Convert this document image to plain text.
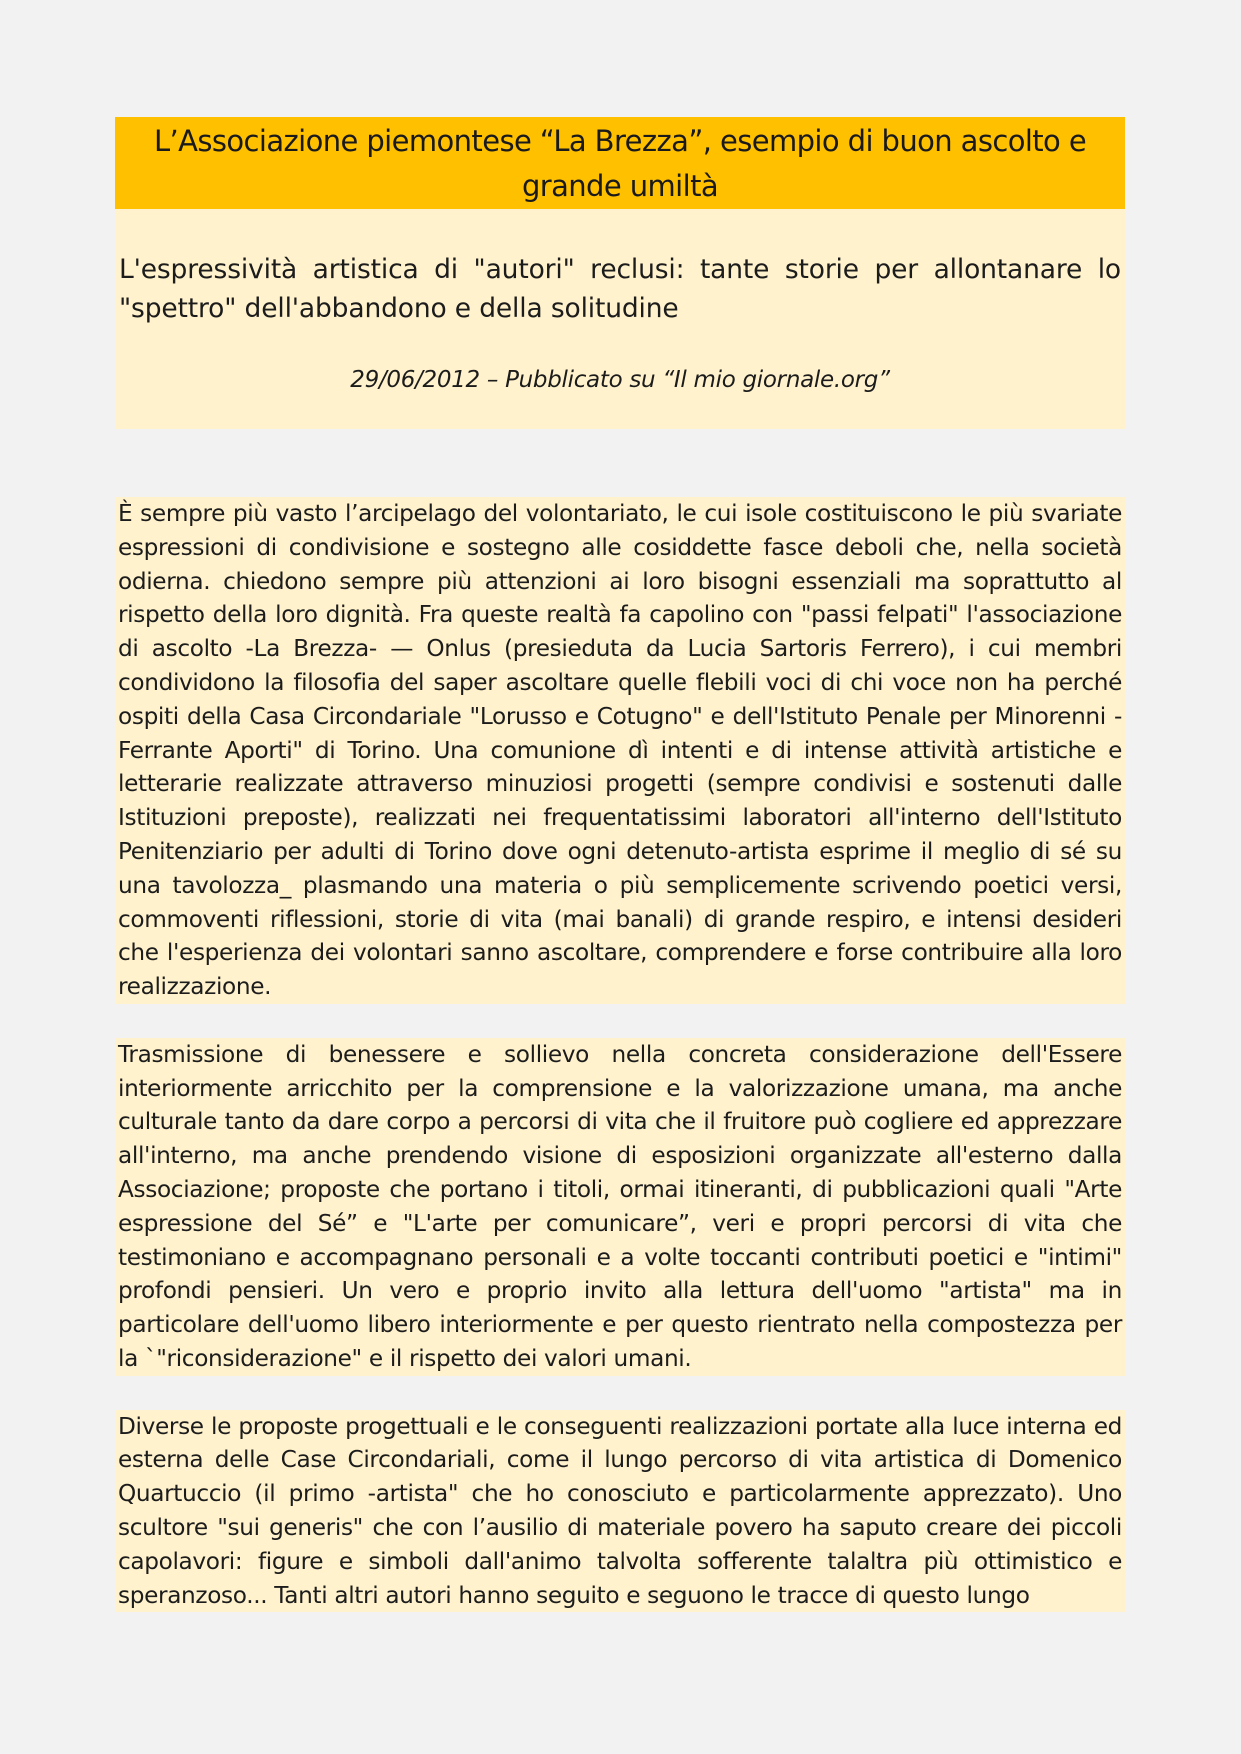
L’Associazione piemontese “La Brezza”, esempio di buon ascolto e grande umiltà

L'espressività artistica di "autori" reclusi: tante storie per allontanare lo "spettro" dell'abbandono e della solitudine

29/06/2012 – Pubblicato su “Il mio giornale.org”

È sempre più vasto l’arcipelago del volontariato, le cui isole costituiscono le più svariate espressioni di condivisione e sostegno alle cosiddette fasce deboli che, nella società odierna. chiedono sempre più attenzioni ai loro bisogni essenziali ma soprattutto al rispetto della loro dignità. Fra queste realtà fa capolino con "passi felpati" l'associazione di ascolto -La Brezza- — Onlus (presieduta da Lucia Sartoris Ferrero), i cui membri condividono la filosofia del saper ascoltare quelle flebili voci di chi voce non ha perché ospiti della Casa Circondariale "Lorusso e Cotugno" e dell'Istituto Penale per Minorenni -Ferrante Aporti" di Torino. Una comunione dì intenti e di intense attività artistiche e letterarie realizzate attraverso minuziosi progetti (sempre condivisi e sostenuti dalle Istituzioni preposte), realizzati nei frequentatissimi laboratori all'interno dell'Istituto Penitenziario per adulti di Torino dove ogni detenuto-artista esprime il meglio di sé su una tavolozza_ plasmando una materia o più semplicemente scrivendo poetici versi, commoventi riflessioni, storie di vita (mai banali) di grande respiro, e intensi desideri che l'esperienza dei volontari sanno ascoltare, comprendere e forse contribuire alla loro realizzazione.

Trasmissione di benessere e sollievo nella concreta considerazione dell'Essere interiormente arricchito per la comprensione e la valorizzazione umana, ma anche culturale tanto da dare corpo a percorsi di vita che il fruitore può cogliere ed apprezzare all'interno, ma anche prendendo visione di esposizioni organizzate all'esterno dalla Associazione; proposte che portano i titoli, ormai itineranti, di pubblicazioni quali "Arte espressione del Sé” e "L'arte per comunicare”, veri e propri percorsi di vita che testimoniano e accompagnano personali e a volte toccanti contributi poetici e "intimi" profondi pensieri. Un vero e proprio invito alla lettura dell'uomo "artista" ma in particolare dell'uomo libero interiormente e per questo rientrato nella compostezza per la `"riconsiderazione" e il rispetto dei valori umani.

Diverse le proposte progettuali e le conseguenti realizzazioni portate alla luce interna ed esterna delle Case Circondariali, come il lungo percorso di vita artistica di Domenico Quartuccio (il primo -artista" che ho conosciuto e particolarmente apprezzato). Uno scultore "sui generis" che con l’ausilio di materiale povero ha saputo creare dei piccoli capolavori: figure e simboli dall'animo talvolta sofferente talaltra più ottimistico e speranzoso... Tanti altri autori hanno seguito e seguono le tracce di questo lungo
